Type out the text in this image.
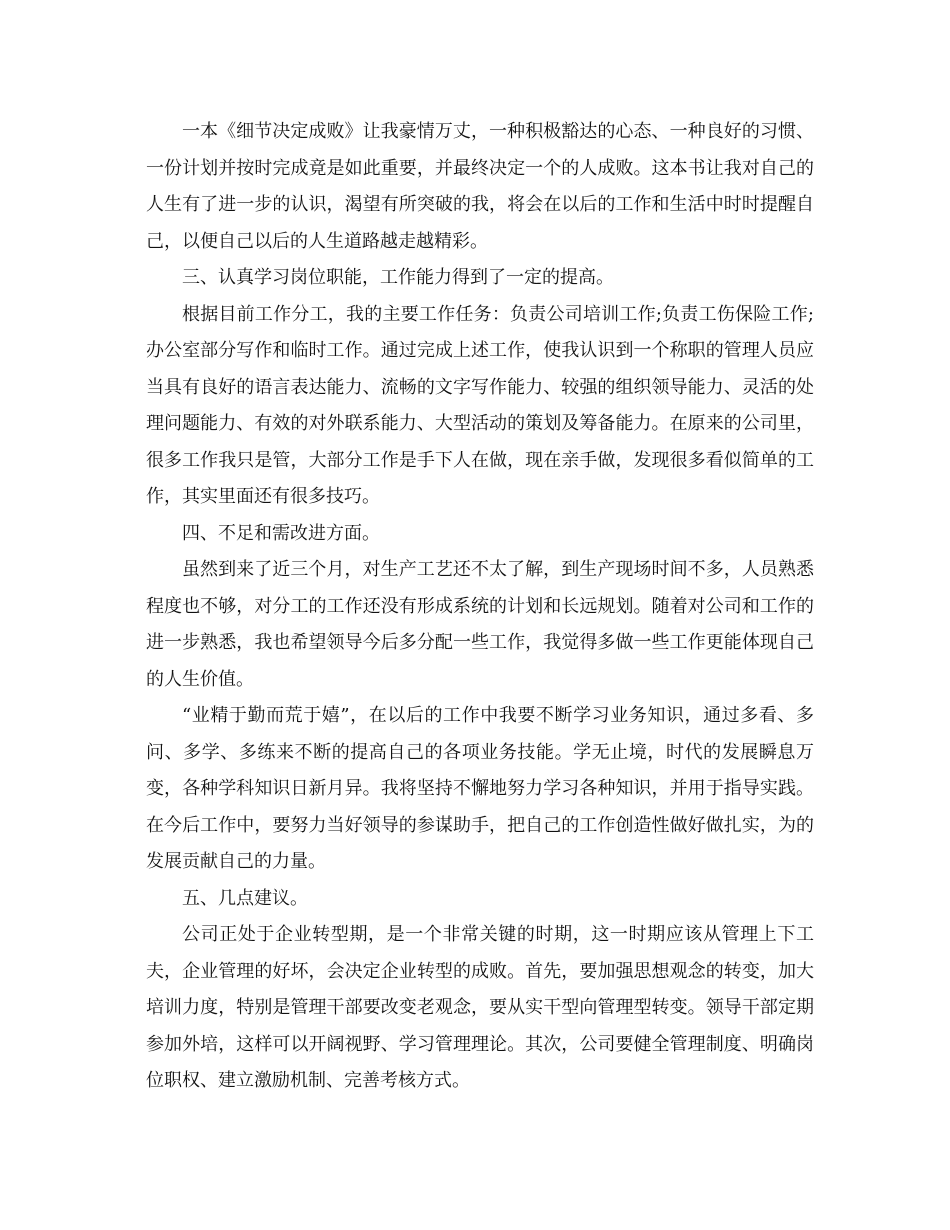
一本《细节决定成败》让我豪情万丈，一种积极豁达的心态、一种良好的习惯、一份计划并按时完成竟是如此重要，并最终决定一个的人成败。这本书让我对自己的人生有了进一步的认识，渴望有所突破的我，将会在以后的工作和生活中时时提醒自己，以便自己以后的人生道路越走越精彩。

三、认真学习岗位职能，工作能力得到了一定的提高。

根据目前工作分工，我的主要工作任务：负责公司培训工作;负责工伤保险工作;办公室部分写作和临时工作。通过完成上述工作，使我认识到一个称职的管理人员应当具有良好的语言表达能力、流畅的文字写作能力、较强的组织领导能力、灵活的处理问题能力、有效的对外联系能力、大型活动的策划及筹备能力。在原来的公司里，很多工作我只是管，大部分工作是手下人在做，现在亲手做，发现很多看似简单的工作，其实里面还有很多技巧。

四、不足和需改进方面。

虽然到来了近三个月，对生产工艺还不太了解，到生产现场时间不多，人员熟悉程度也不够，对分工的工作还没有形成系统的计划和长远规划。随着对公司和工作的进一步熟悉，我也希望领导今后多分配一些工作，我觉得多做一些工作更能体现自己的人生价值。

“业精于勤而荒于嬉”，在以后的工作中我要不断学习业务知识，通过多看、多问、多学、多练来不断的提高自己的各项业务技能。学无止境，时代的发展瞬息万变，各种学科知识日新月异。我将坚持不懈地努力学习各种知识，并用于指导实践。在今后工作中，要努力当好领导的参谋助手，把自己的工作创造性做好做扎实，为的发展贡献自己的力量。

五、几点建议。

公司正处于企业转型期，是一个非常关键的时期，这一时期应该从管理上下工夫，企业管理的好坏，会决定企业转型的成败。首先，要加强思想观念的转变，加大培训力度，特别是管理干部要改变老观念，要从实干型向管理型转变。领导干部定期参加外培，这样可以开阔视野、学习管理理论。其次，公司要健全管理制度、明确岗位职权、建立激励机制、完善考核方式。
